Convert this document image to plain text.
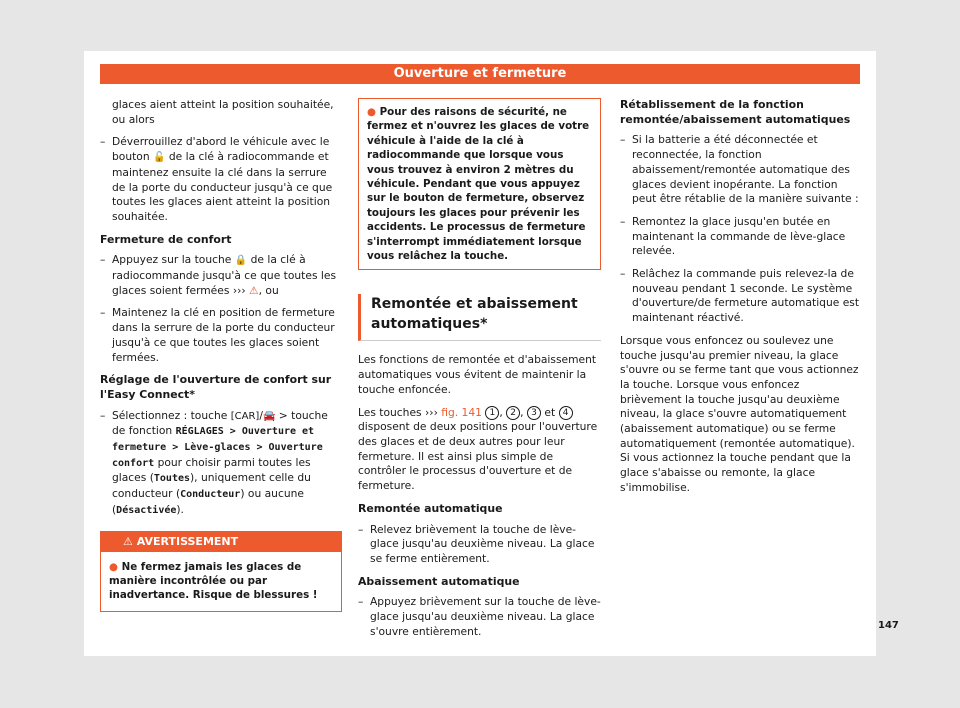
Ouverture et fermeture

glaces aient atteint la position souhaitée, ou alors

– Déverrouillez d'abord le véhicule avec le bouton 🔓 de la clé à radiocommande et maintenez ensuite la clé dans la serrure de la porte du conducteur jusqu'à ce que toutes les glaces aient atteint la position souhaitée.
Fermeture de confort
– Appuyez sur la touche 🔒 de la clé à radiocommande jusqu'à ce que toutes les glaces soient fermées ››› ⚠, ou
– Maintenez la clé en position de fermeture dans la serrure de la porte du conducteur jusqu'à ce que toutes les glaces soient fermées.
Réglage de l'ouverture de confort sur l'Easy Connect*
– Sélectionnez : touche [CAR]/🚘 > touche de fonction RÉGLAGES > Ouverture et fermeture > Lève-glaces > Ouverture confort pour choisir parmi toutes les glaces (Toutes), uniquement celle du conducteur (Conducteur) ou aucune (Désactivée).
⚠ AVERTISSEMENT
● Ne fermez jamais les glaces de manière incontrôlée ou par inadvertance. Risque de blessures !
● Pour des raisons de sécurité, ne fermez et n'ouvrez les glaces de votre véhicule à l'aide de la clé à radiocommande que lorsque vous vous trouvez à environ 2 mètres du véhicule. Pendant que vous appuyez sur le bouton de fermeture, observez toujours les glaces pour prévenir les accidents. Le processus de fermeture s'interrompt immédiatement lorsque vous relâchez la touche.
Remontée et abaissement automatiques*

Les fonctions de remontée et d'abaissement automatiques vous évitent de maintenir la touche enfoncée.

Les touches ››› fig. 141 1 , 2 , 3 et 4 disposent de deux positions pour l'ouverture des glaces et de deux autres pour leur fermeture. Il est ainsi plus simple de contrôler le processus d'ouverture et de fermeture.

Remontée automatique
– Relevez brièvement la touche de lève-glace jusqu'au deuxième niveau. La glace se ferme entièrement.
Abaissement automatique
– Appuyez brièvement sur la touche de lève-glace jusqu'au deuxième niveau. La glace s'ouvre entièrement.
Rétablissement de la fonction remontée/abaissement automatiques
– Si la batterie a été déconnectée et reconnectée, la fonction abaissement/remontée automatique des glaces devient inopérante. La fonction peut être rétablie de la manière suivante :
– Remontez la glace jusqu'en butée en maintenant la commande de lève-glace relevée.
– Relâchez la commande puis relevez-la de nouveau pendant 1 seconde. Le système d'ouverture/de fermeture automatique est maintenant réactivé.

Lorsque vous enfoncez ou soulevez une touche jusqu'au premier niveau, la glace s'ouvre ou se ferme tant que vous actionnez la touche. Lorsque vous enfoncez brièvement la touche jusqu'au deuxième niveau, la glace s'ouvre automatiquement (abaissement automatique) ou se ferme automatiquement (remontée automatique). Si vous actionnez la touche pendant que la glace s'abaisse ou remonte, la glace s'immobilise.

147
